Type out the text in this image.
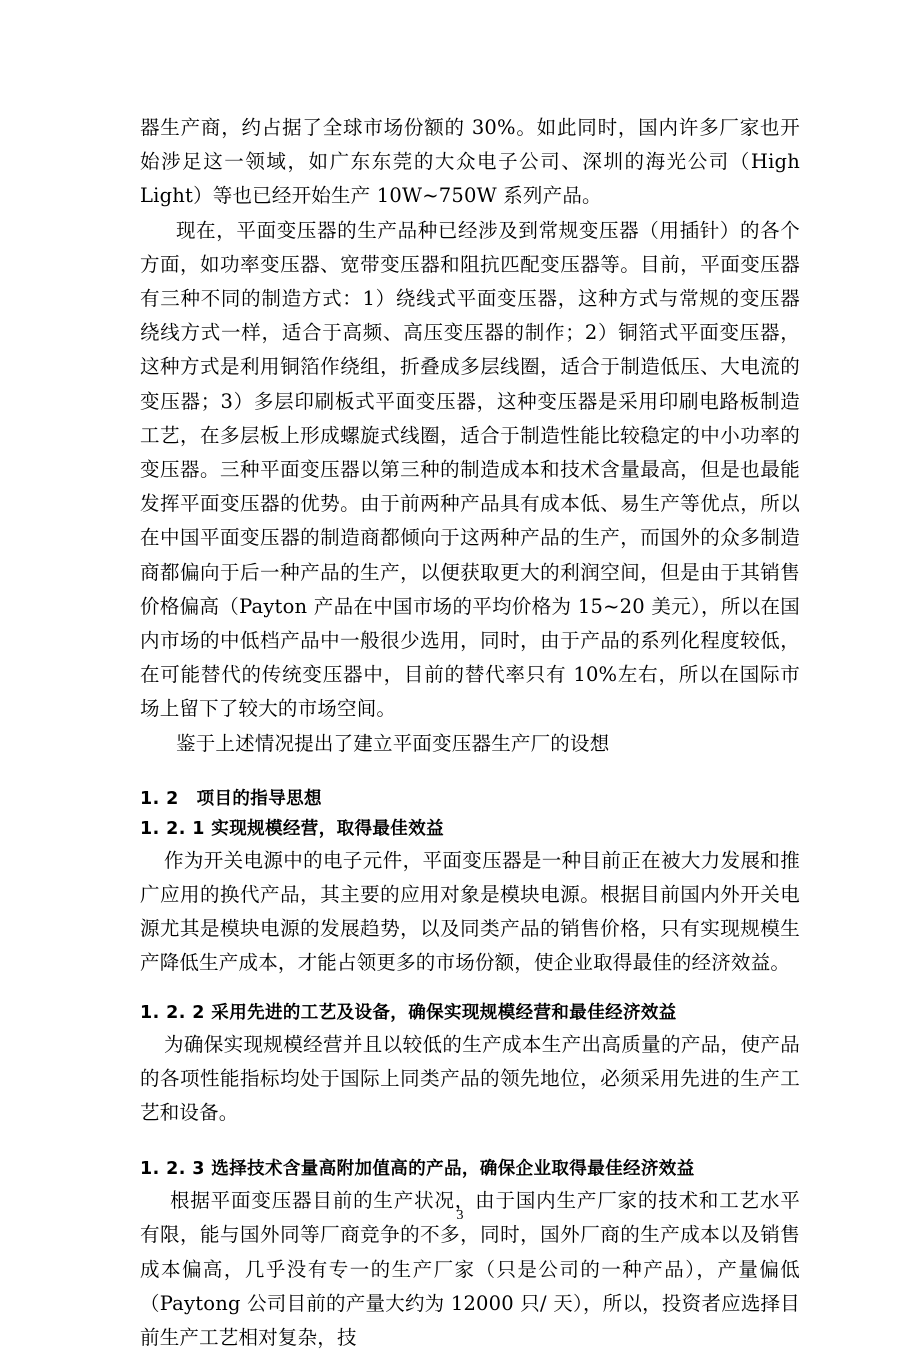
器生产商，约占据了全球市场份额的 30%。如此同时，国内许多厂家也开始涉足这一领域，如广东东莞的大众电子公司、深圳的海光公司（High Light）等也已经开始生产 10W~750W 系列产品。

现在，平面变压器的生产品种已经涉及到常规变压器（用插针）的各个方面，如功率变压器、宽带变压器和阻抗匹配变压器等。目前，平面变压器有三种不同的制造方式：1）绕线式平面变压器，这种方式与常规的变压器绕线方式一样，适合于高频、高压变压器的制作；2）铜箔式平面变压器，这种方式是利用铜箔作绕组，折叠成多层线圈，适合于制造低压、大电流的变压器；3）多层印刷板式平面变压器，这种变压器是采用印刷电路板制造工艺，在多层板上形成螺旋式线圈，适合于制造性能比较稳定的中小功率的变压器。三种平面变压器以第三种的制造成本和技术含量最高，但是也最能发挥平面变压器的优势。由于前两种产品具有成本低、易生产等优点，所以在中国平面变压器的制造商都倾向于这两种产品的生产，而国外的众多制造商都偏向于后一种产品的生产，以便获取更大的利润空间，但是由于其销售价格偏高（Payton 产品在中国市场的平均价格为 15~20 美元），所以在国内市场的中低档产品中一般很少选用，同时，由于产品的系列化程度较低，在可能替代的传统变压器中，目前的替代率只有 10%左右，所以在国际市场上留下了较大的市场空间。

鉴于上述情况提出了建立平面变压器生产厂的设想

1. 2　项目的指导思想
1. 2. 1 实现规模经营，取得最佳效益

作为开关电源中的电子元件，平面变压器是一种目前正在被大力发展和推广应用的换代产品，其主要的应用对象是模块电源。根据目前国内外开关电源尤其是模块电源的发展趋势，以及同类产品的销售价格，只有实现规模生产降低生产成本，才能占领更多的市场份额，使企业取得最佳的经济效益。

1. 2. 2 采用先进的工艺及设备，确保实现规模经营和最佳经济效益

为确保实现规模经营并且以较低的生产成本生产出高质量的产品，使产品的各项性能指标均处于国际上同类产品的领先地位，必须采用先进的生产工艺和设备。

1. 2. 3 选择技术含量高附加值高的产品，确保企业取得最佳经济效益

根据平面变压器目前的生产状况，由于国内生产厂家的技术和工艺水平有限，能与国外同等厂商竞争的不多，同时，国外厂商的生产成本以及销售成本偏高，几乎没有专一的生产厂家（只是公司的一种产品），产量偏低（Paytong 公司目前的产量大约为 12000 只/ 天），所以，投资者应选择目前生产工艺相对复杂，技

3
